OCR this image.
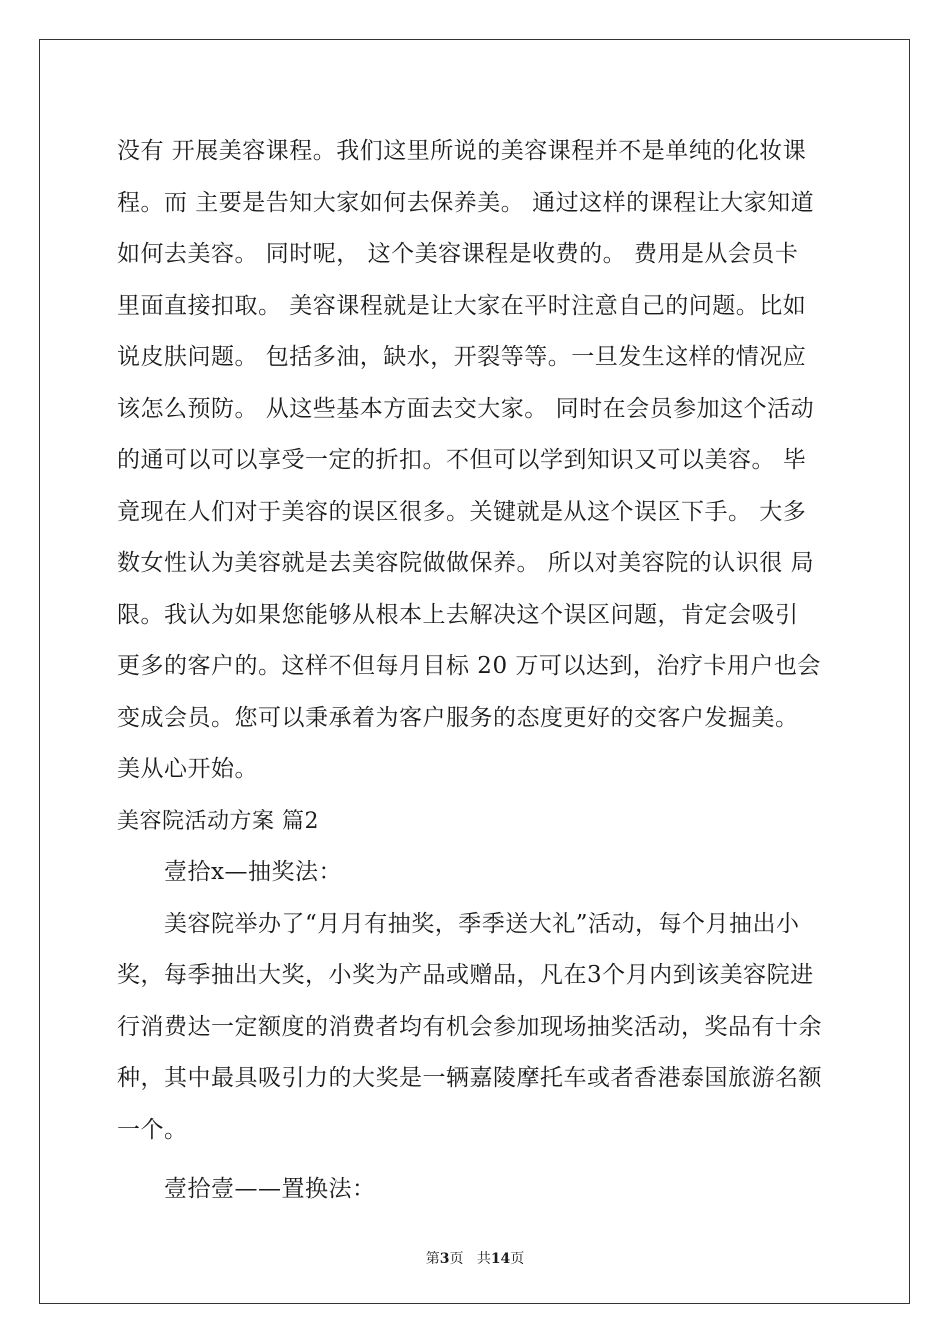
没有 开展美容课程。我们这里所说的美容课程并不是单纯的化妆课
程。而 主要是告知大家如何去保养美。 通过这样的课程让大家知道
如何去美容。 同时呢， 这个美容课程是收费的。 费用是从会员卡
里面直接扣取。 美容课程就是让大家在平时注意自己的问题。比如
说皮肤问题。 包括多油，缺水，开裂等等。一旦发生这样的情况应
该怎么预防。 从这些基本方面去交大家。 同时在会员参加这个活动
的通可以可以享受一定的折扣。不但可以学到知识又可以美容。 毕
竟现在人们对于美容的误区很多。关键就是从这个误区下手。 大多
数女性认为美容就是去美容院做做保养。 所以对美容院的认识很 局
限。我认为如果您能够从根本上去解决这个误区问题，肯定会吸引
更多的客户的。这样不但每月目标 20 万可以达到，治疗卡用户也会
变成会员。您可以秉承着为客户服务的态度更好的交客户发掘美。
美从心开始。
美容院活动方案 篇2
壹拾x—抽奖法：
美容院举办了“月月有抽奖，季季送大礼”活动，每个月抽出小
奖，每季抽出大奖，小奖为产品或赠品，凡在3个月内到该美容院进
行消费达一定额度的消费者均有机会参加现场抽奖活动，奖品有十余
种，其中最具吸引力的大奖是一辆嘉陵摩托车或者香港泰国旅游名额
一个。
壹拾壹——置换法：
第3页 共14页
